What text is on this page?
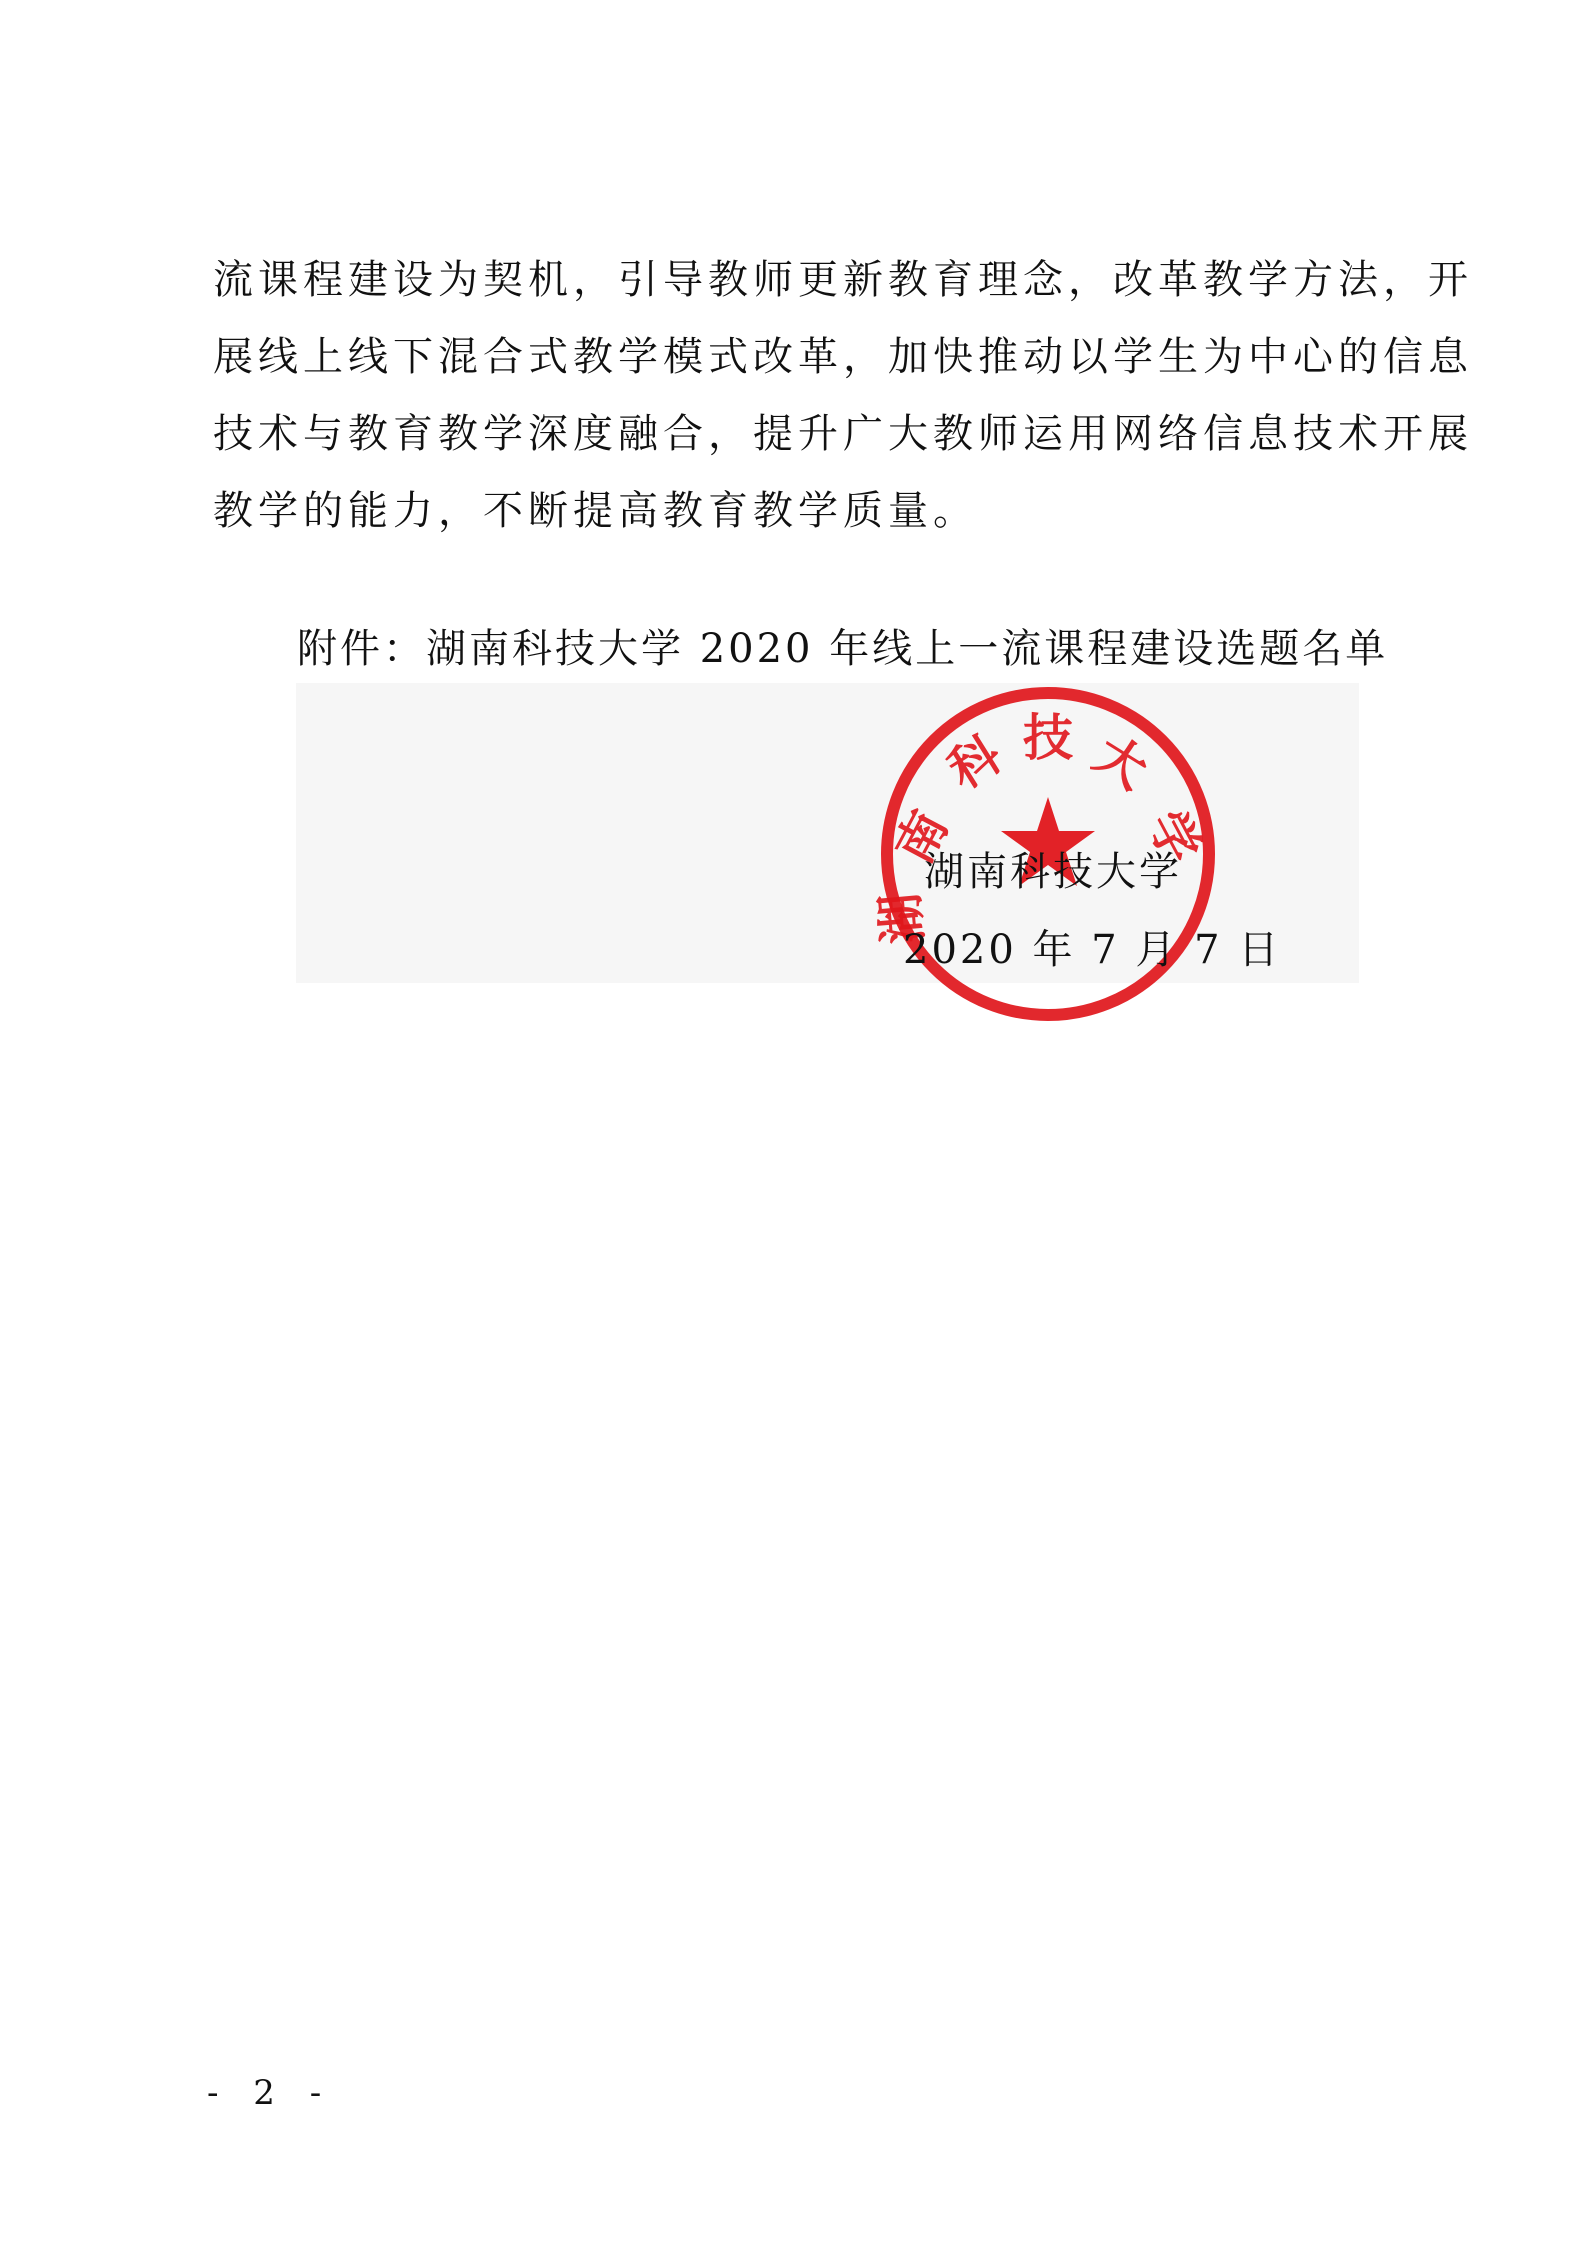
流课程建设为契机，引导教师更新教育理念，改革教学方法，开
展线上线下混合式教学模式改革，加快推动以学生为中心的信息
技术与教育教学深度融合，提升广大教师运用网络信息技术开展
教学的能力，不断提高教育教学质量。

附件：湖南科技大学 2020 年线上一流课程建设选题名单
南
科 技 大
学
湖
湖南科技大学
2020 年 7 月 7 日
- 2 -
